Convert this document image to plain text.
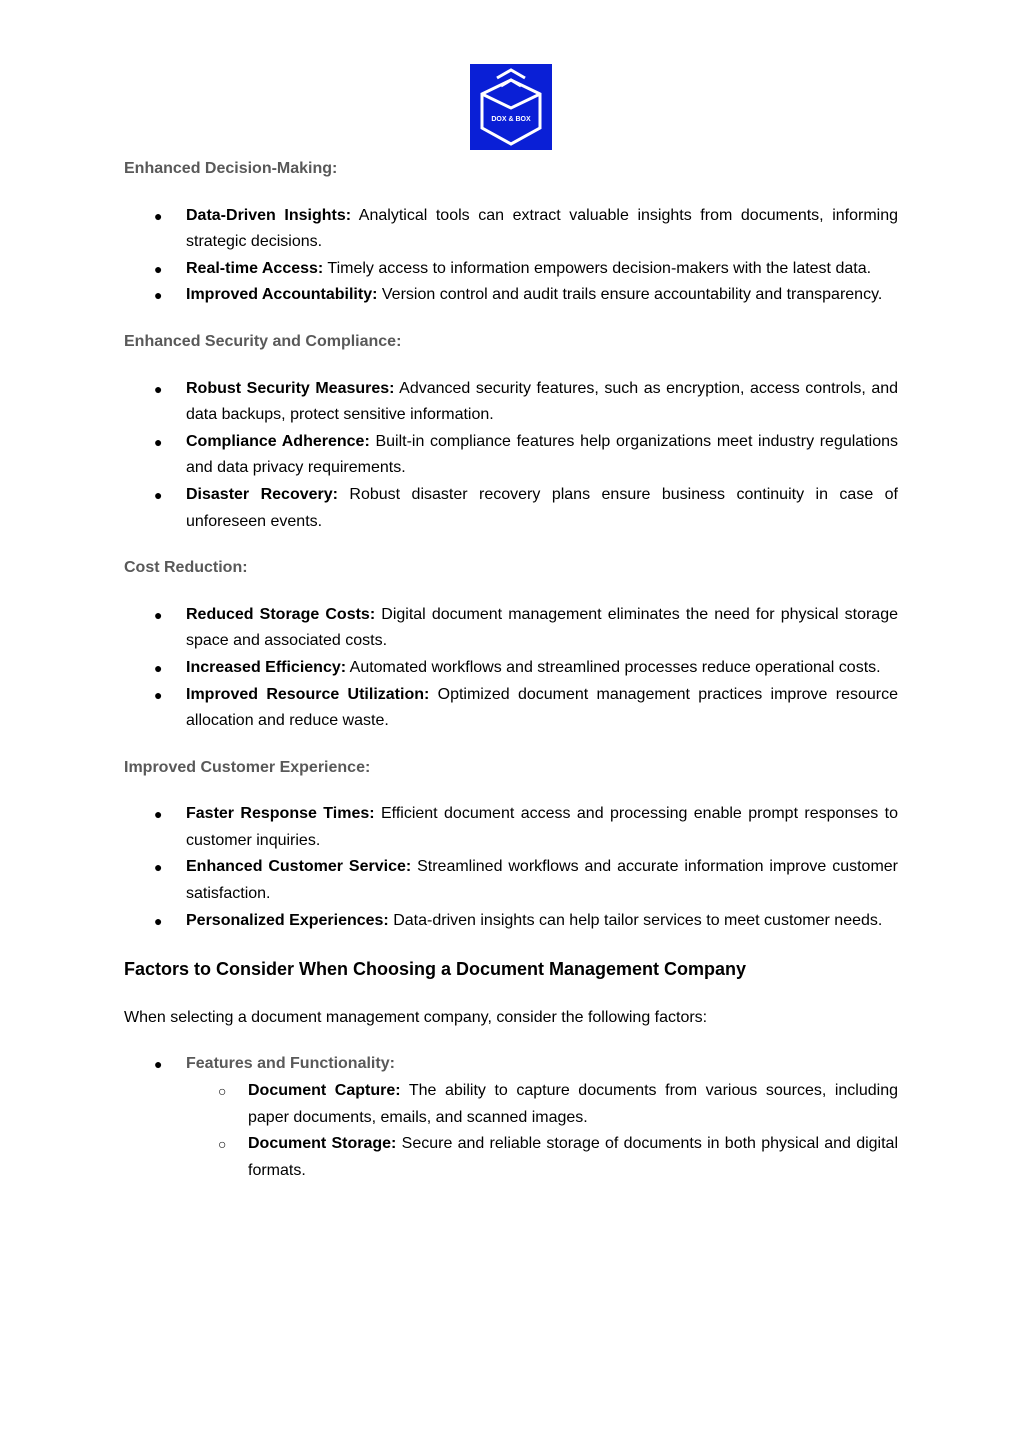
DOX & BOX

Enhanced Decision-Making:

● Data-Driven Insights: Analytical tools can extract valuable insights from documents, informing strategic decisions.
● Real-time Access: Timely access to information empowers decision-makers with the latest data.
● Improved Accountability: Version control and audit trails ensure accountability and transparency.

Enhanced Security and Compliance:

● Robust Security Measures: Advanced security features, such as encryption, access controls, and data backups, protect sensitive information.
● Compliance Adherence: Built-in compliance features help organizations meet industry regulations and data privacy requirements.
● Disaster Recovery: Robust disaster recovery plans ensure business continuity in case of unforeseen events.

Cost Reduction:

● Reduced Storage Costs: Digital document management eliminates the need for physical storage space and associated costs.
● Increased Efficiency: Automated workflows and streamlined processes reduce operational costs.
● Improved Resource Utilization: Optimized document management practices improve resource allocation and reduce waste.

Improved Customer Experience:

● Faster Response Times: Efficient document access and processing enable prompt responses to customer inquiries.
● Enhanced Customer Service: Streamlined workflows and accurate information improve customer satisfaction.
● Personalized Experiences: Data-driven insights can help tailor services to meet customer needs.

Factors to Consider When Choosing a Document Management Company

When selecting a document management company, consider the following factors:

● Features and Functionality:
○ Document Capture: The ability to capture documents from various sources, including paper documents, emails, and scanned images.
○ Document Storage: Secure and reliable storage of documents in both physical and digital formats.
